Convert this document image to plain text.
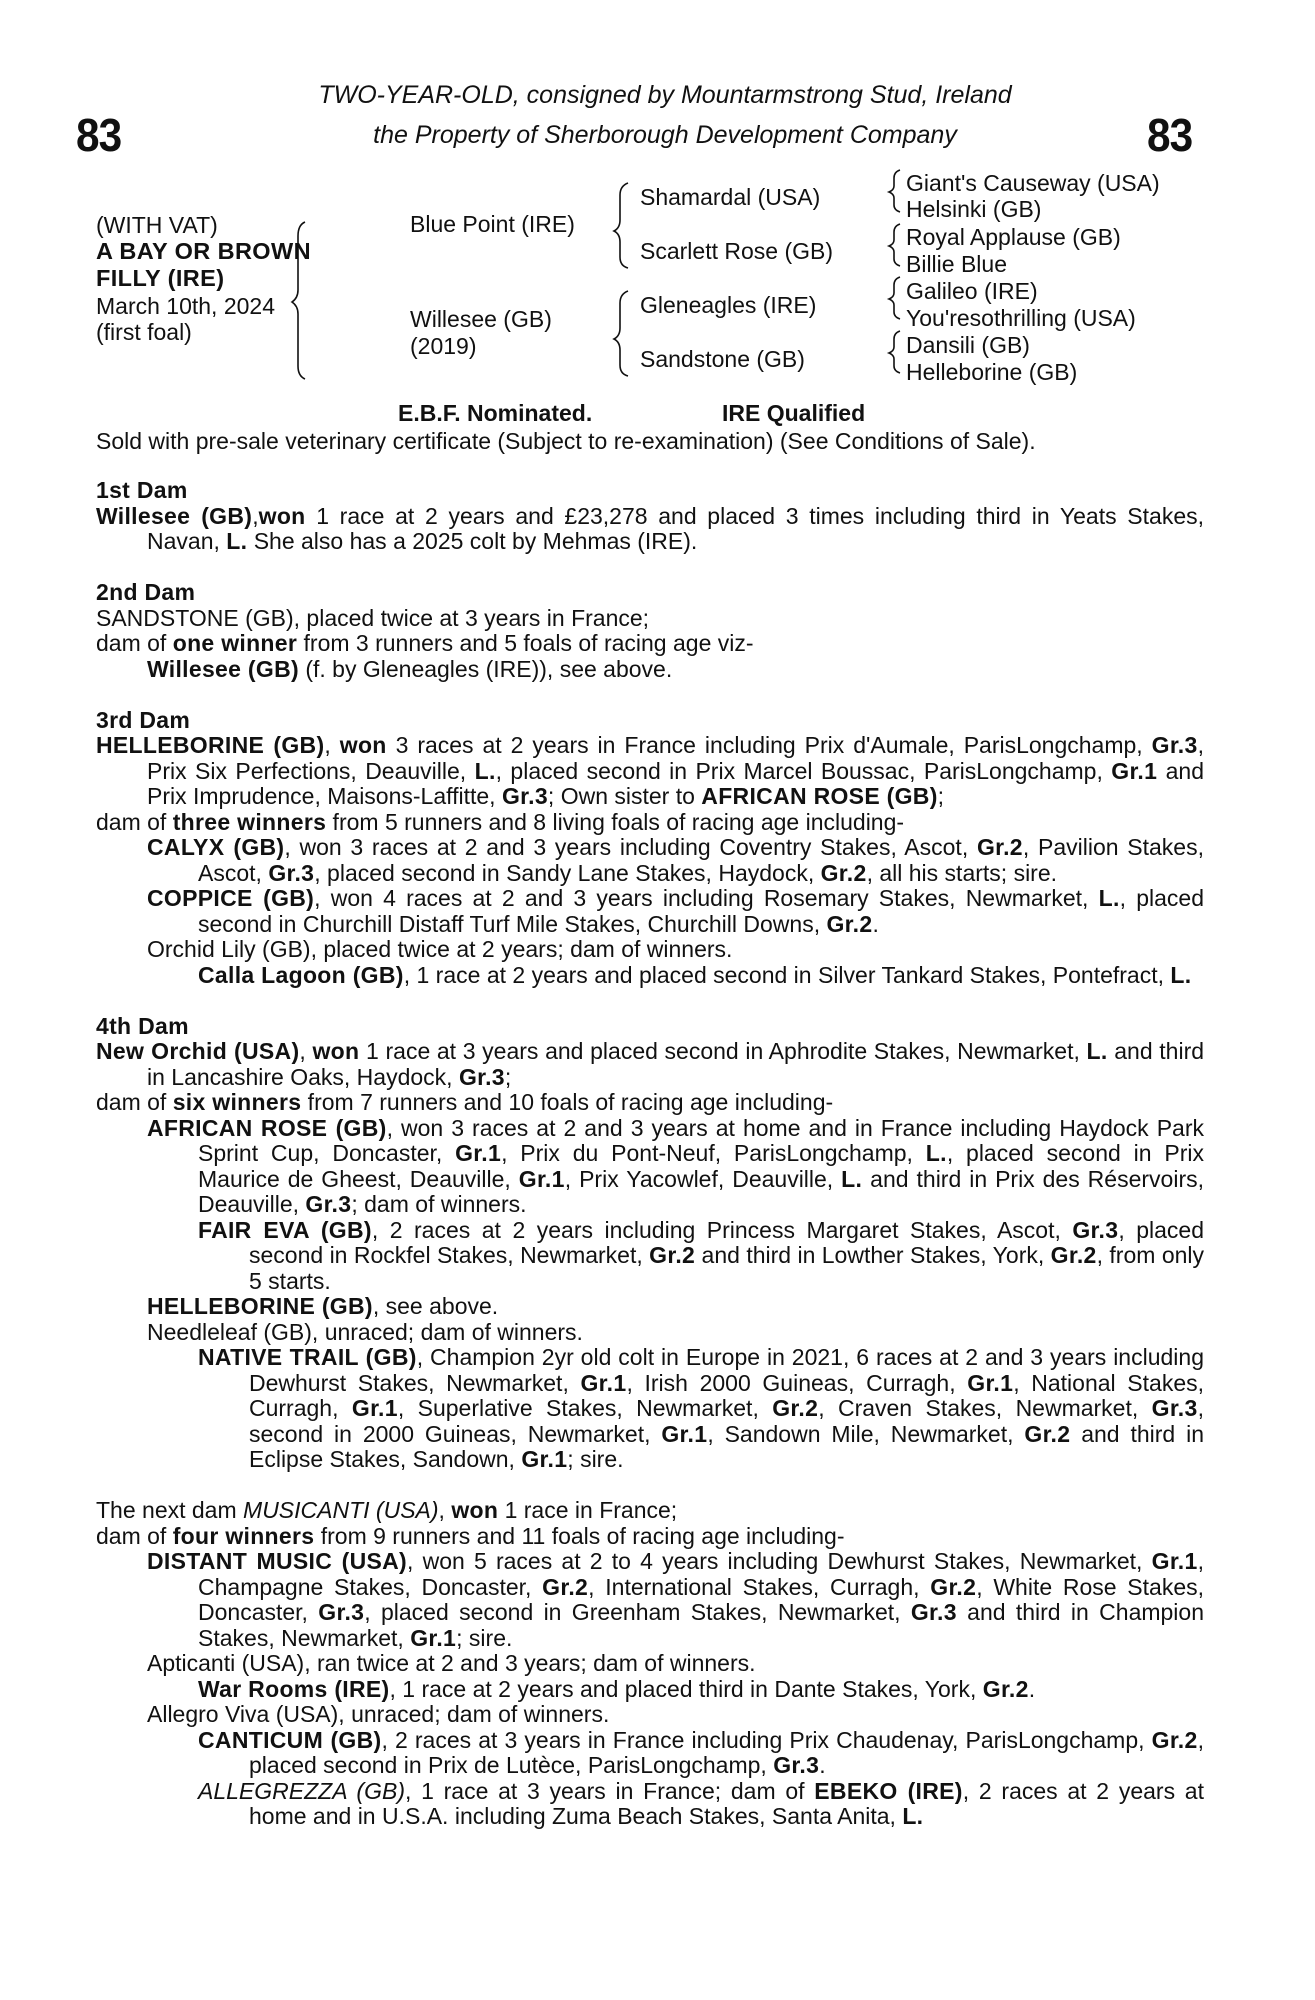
83	83
TWO-YEAR-OLD, consigned by Mountarmstrong Stud, Ireland
the Property of Sherborough Development Company
(WITH VAT)
A BAY OR BROWN
FILLY (IRE)
March 10th, 2024
(first foal)
Blue Point (IRE)
Willesee (GB)
(2019)
Shamardal (USA)
Scarlett Rose (GB)
Gleneagles (IRE)
Sandstone (GB)
Giant's Causeway (USA)
Helsinki (GB)
Royal Applause (GB)
Billie Blue
Galileo (IRE)
You'resothrilling (USA)
Dansili (GB)
Helleborine (GB)
E.B.F. Nominated.	IRE Qualified
Sold with pre-sale veterinary certificate (Subject to re-examination) (See Conditions of Sale).
1st Dam
Willesee (GB),won 1 race at 2 years and £23,278 and placed 3 times including third in Yeats Stakes, Navan, L. She also has a 2025 colt by Mehmas (IRE).
2nd Dam
SANDSTONE (GB), placed twice at 3 years in France;
dam of one winner from 3 runners and 5 foals of racing age viz-
Willesee (GB) (f. by Gleneagles (IRE)), see above.
3rd Dam
HELLEBORINE (GB), won 3 races at 2 years in France including Prix d'Aumale, ParisLongchamp, Gr.3, Prix Six Perfections, Deauville, L., placed second in Prix Marcel Boussac, ParisLongchamp, Gr.1 and Prix Imprudence, Maisons-Laffitte, Gr.3; Own sister to AFRICAN ROSE (GB);
dam of three winners from 5 runners and 8 living foals of racing age including-
CALYX (GB), won 3 races at 2 and 3 years including Coventry Stakes, Ascot, Gr.2, Pavilion Stakes, Ascot, Gr.3, placed second in Sandy Lane Stakes, Haydock, Gr.2, all his starts; sire.
COPPICE (GB), won 4 races at 2 and 3 years including Rosemary Stakes, Newmarket, L., placed second in Churchill Distaff Turf Mile Stakes, Churchill Downs, Gr.2.
Orchid Lily (GB), placed twice at 2 years; dam of winners.
Calla Lagoon (GB), 1 race at 2 years and placed second in Silver Tankard Stakes, Pontefract, L.
4th Dam
New Orchid (USA), won 1 race at 3 years and placed second in Aphrodite Stakes, Newmarket, L. and third in Lancashire Oaks, Haydock, Gr.3;
dam of six winners from 7 runners and 10 foals of racing age including-
AFRICAN ROSE (GB), won 3 races at 2 and 3 years at home and in France including Haydock Park Sprint Cup, Doncaster, Gr.1, Prix du Pont-Neuf, ParisLongchamp, L., placed second in Prix Maurice de Gheest, Deauville, Gr.1, Prix Yacowlef, Deauville, L. and third in Prix des Réservoirs, Deauville, Gr.3; dam of winners.
FAIR EVA (GB), 2 races at 2 years including Princess Margaret Stakes, Ascot, Gr.3, placed second in Rockfel Stakes, Newmarket, Gr.2 and third in Lowther Stakes, York, Gr.2, from only 5 starts.
HELLEBORINE (GB), see above.
Needleleaf (GB), unraced; dam of winners.
NATIVE TRAIL (GB), Champion 2yr old colt in Europe in 2021, 6 races at 2 and 3 years including Dewhurst Stakes, Newmarket, Gr.1, Irish 2000 Guineas, Curragh, Gr.1, National Stakes, Curragh, Gr.1, Superlative Stakes, Newmarket, Gr.2, Craven Stakes, Newmarket, Gr.3, second in 2000 Guineas, Newmarket, Gr.1, Sandown Mile, Newmarket, Gr.2 and third in Eclipse Stakes, Sandown, Gr.1; sire.
The next dam MUSICANTI (USA), won 1 race in France;
dam of four winners from 9 runners and 11 foals of racing age including-
DISTANT MUSIC (USA), won 5 races at 2 to 4 years including Dewhurst Stakes, Newmarket, Gr.1, Champagne Stakes, Doncaster, Gr.2, International Stakes, Curragh, Gr.2, White Rose Stakes, Doncaster, Gr.3, placed second in Greenham Stakes, Newmarket, Gr.3 and third in Champion Stakes, Newmarket, Gr.1; sire.
Apticanti (USA), ran twice at 2 and 3 years; dam of winners.
War Rooms (IRE), 1 race at 2 years and placed third in Dante Stakes, York, Gr.2.
Allegro Viva (USA), unraced; dam of winners.
CANTICUM (GB), 2 races at 3 years in France including Prix Chaudenay, ParisLongchamp, Gr.2, placed second in Prix de Lutèce, ParisLongchamp, Gr.3.
ALLEGREZZA (GB), 1 race at 3 years in France; dam of EBEKO (IRE), 2 races at 2 years at home and in U.S.A. including Zuma Beach Stakes, Santa Anita, L.
